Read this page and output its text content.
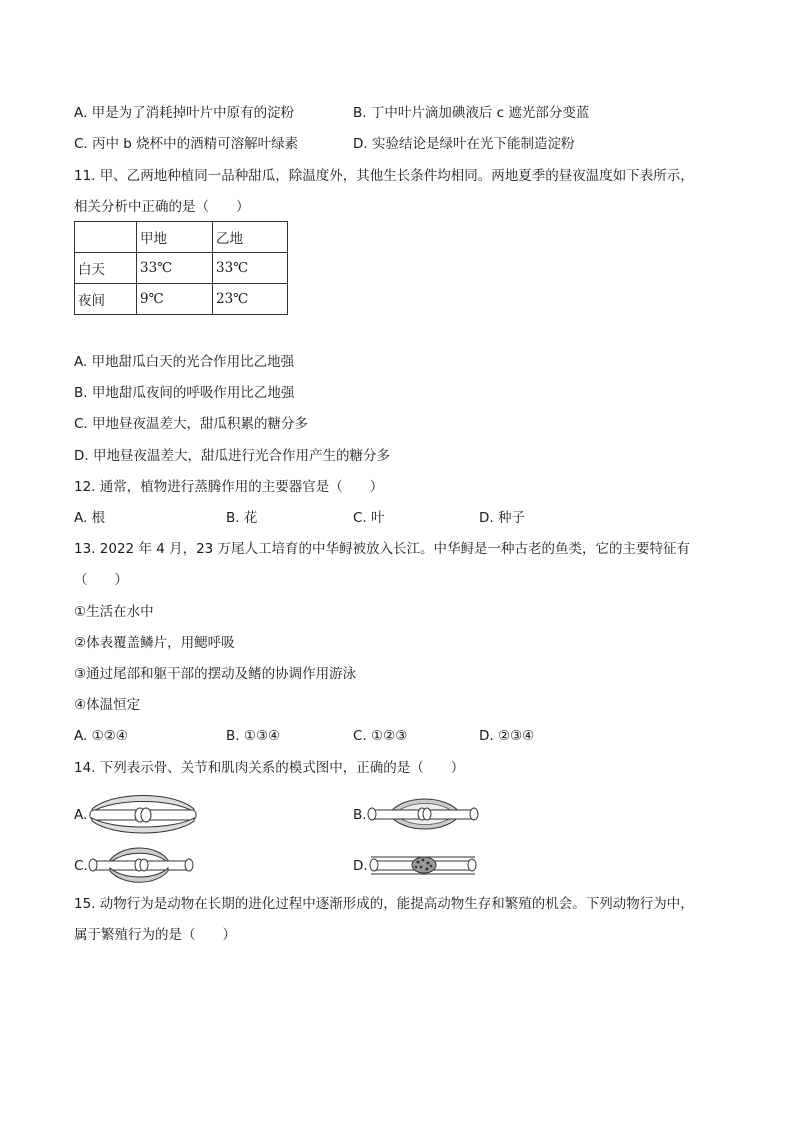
A. 甲是为了消耗掉叶片中原有的淀粉	B. 丁中叶片滴加碘液后 c 遮光部分变蓝
C. 丙中 b 烧杯中的酒精可溶解叶绿素	D. 实验结论是绿叶在光下能制造淀粉
11. 甲、乙两地种植同一品种甜瓜，除温度外，其他生长条件均相同。两地夏季的昼夜温度如下表所示，
相关分析中正确的是（　　）
	甲地	乙地
白天	33℃	33℃
夜间	9℃	23℃
A. 甲地甜瓜白天的光合作用比乙地强
B. 甲地甜瓜夜间的呼吸作用比乙地强
C. 甲地昼夜温差大，甜瓜积累的糖分多
D. 甲地昼夜温差大，甜瓜进行光合作用产生的糖分多
12. 通常，植物进行蒸腾作用的主要器官是（　　）
A. 根	B. 花	C. 叶	D. 种子
13. 2022 年 4 月，23 万尾人工培育的中华鲟被放入长江。中华鲟是一种古老的鱼类，它的主要特征有
（　　）
①生活在水中
②体表覆盖鳞片，用鳃呼吸
③通过尾部和躯干部的摆动及鳍的协调作用游泳
④体温恒定
A. ①②④	B. ①③④	C. ①②③	D. ②③④
14. 下列表示骨、关节和肌肉关系的模式图中，正确的是（　　）
A.	B.
C.	D.
15. 动物行为是动物在长期的进化过程中逐渐形成的，能提高动物生存和繁殖的机会。下列动物行为中，
属于繁殖行为的是（　　）
